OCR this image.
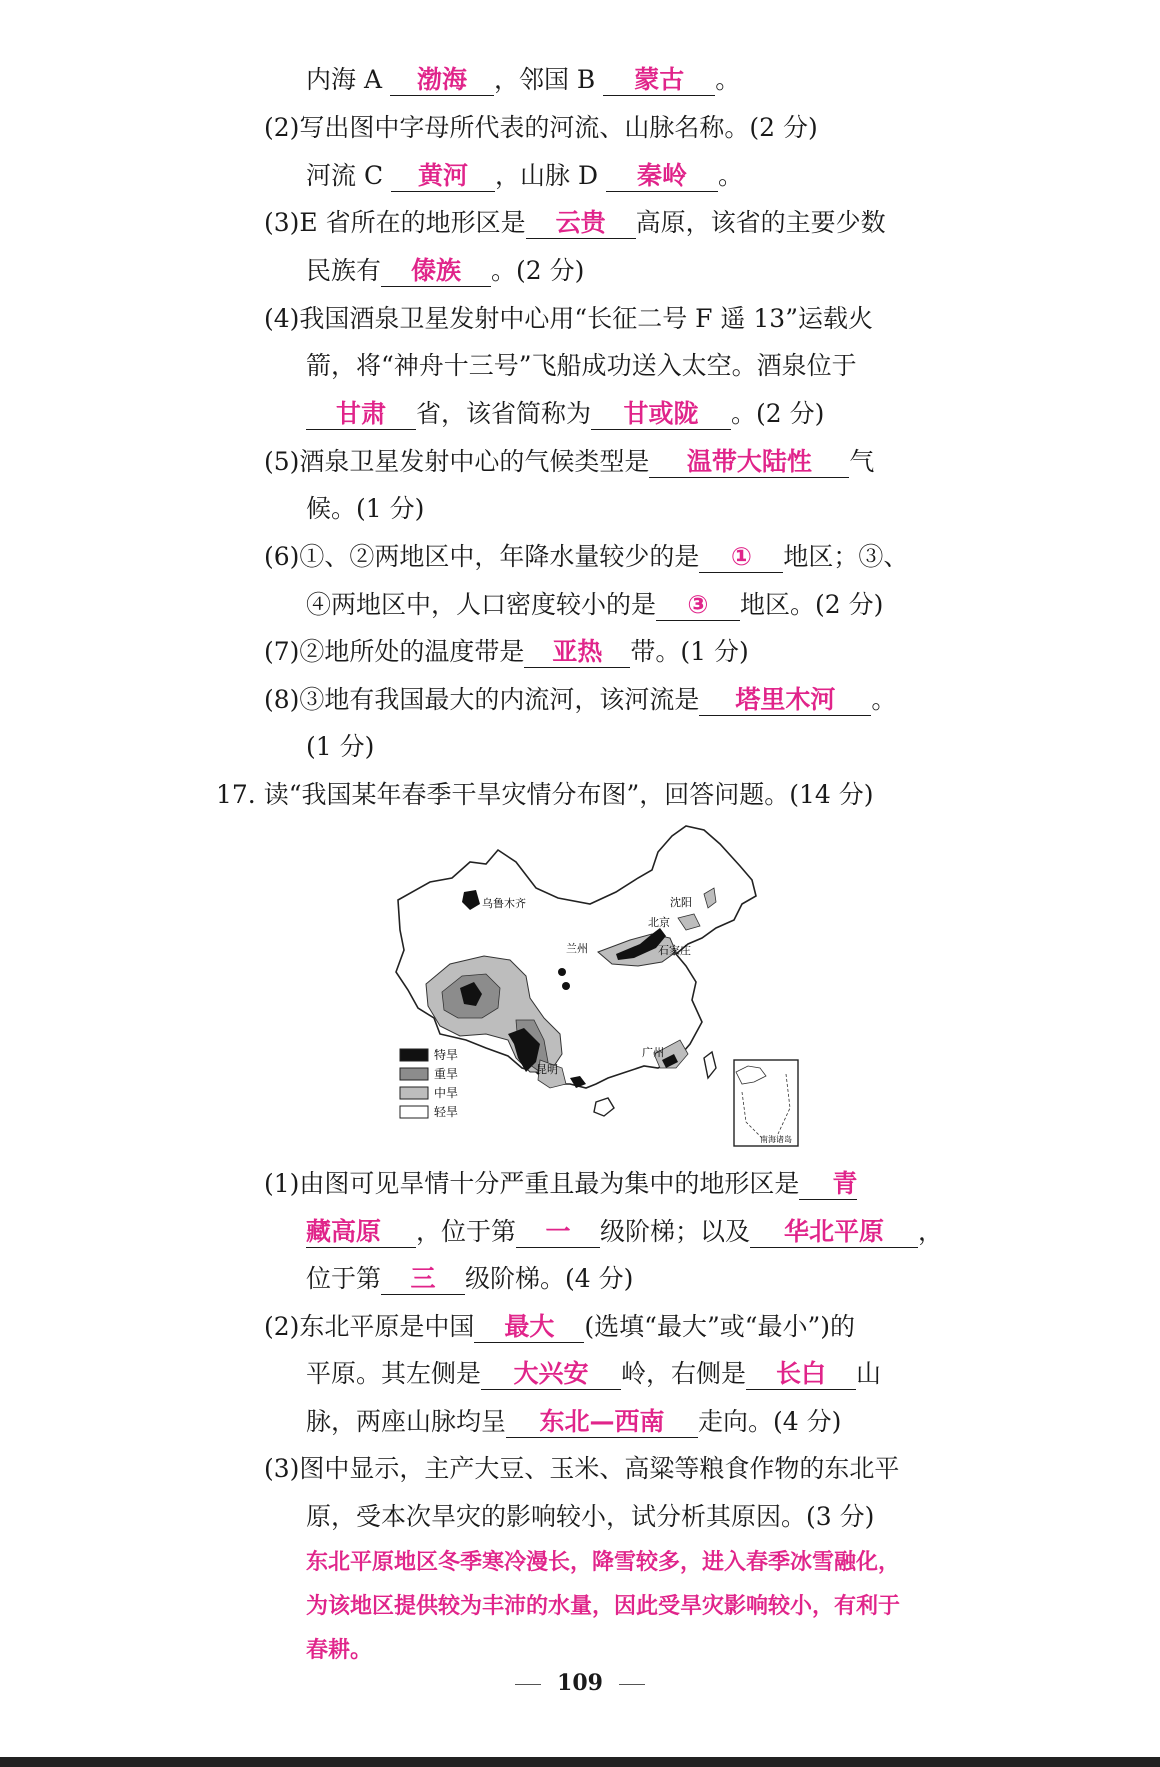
内海 A 渤海 ，邻国 B 蒙古 。
(2)写出图中字母所代表的河流、山脉名称。(2 分)
河流 C 黄河 ，山脉 D 秦岭 。
(3)E 省所在的地形区是 云贵 高原，该省的主要少数
民族有 傣族 。(2 分)
(4)我国酒泉卫星发射中心用“长征二号 F 遥 13”运载火
箭，将“神舟十三号”飞船成功送入太空。酒泉位于
甘肃 省，该省简称为 甘或陇 。(2 分)
(5)酒泉卫星发射中心的气候类型是 温带大陆性 气
候。(1 分)
(6)①、②两地区中，年降水量较少的是 ① 地区；③、
④两地区中，人口密度较小的是 ③ 地区。(2 分)
(7)②地所处的温度带是 亚热 带。(1 分)
(8)③地有我国最大的内流河，该河流是 塔里木河 。
(1 分)
17. 读“我国某年春季干旱灾情分布图”，回答问题。(14 分)
乌鲁木齐	沈阳
北京
兰州	石家庄
广州
昆明
特旱
重旱
中旱
轻旱
南海诸岛
(1)由图可见旱情十分严重且最为集中的地形区是 青
藏高原 ，位于第 一 级阶梯；以及 华北平原 ，
位于第 三 级阶梯。(4 分)
(2)东北平原是中国 最大 (选填“最大”或“最小”)的
平原。其左侧是 大兴安 岭，右侧是 长白 山
脉，两座山脉均呈 东北—西南 走向。(4 分)
(3)图中显示，主产大豆、玉米、高粱等粮食作物的东北平
原，受本次旱灾的影响较小，试分析其原因。(3 分)
东北平原地区冬季寒冷漫长，降雪较多，进入春季冰雪融化，
为该地区提供较为丰沛的水量，因此受旱灾影响较小，有利于
春耕。
109
